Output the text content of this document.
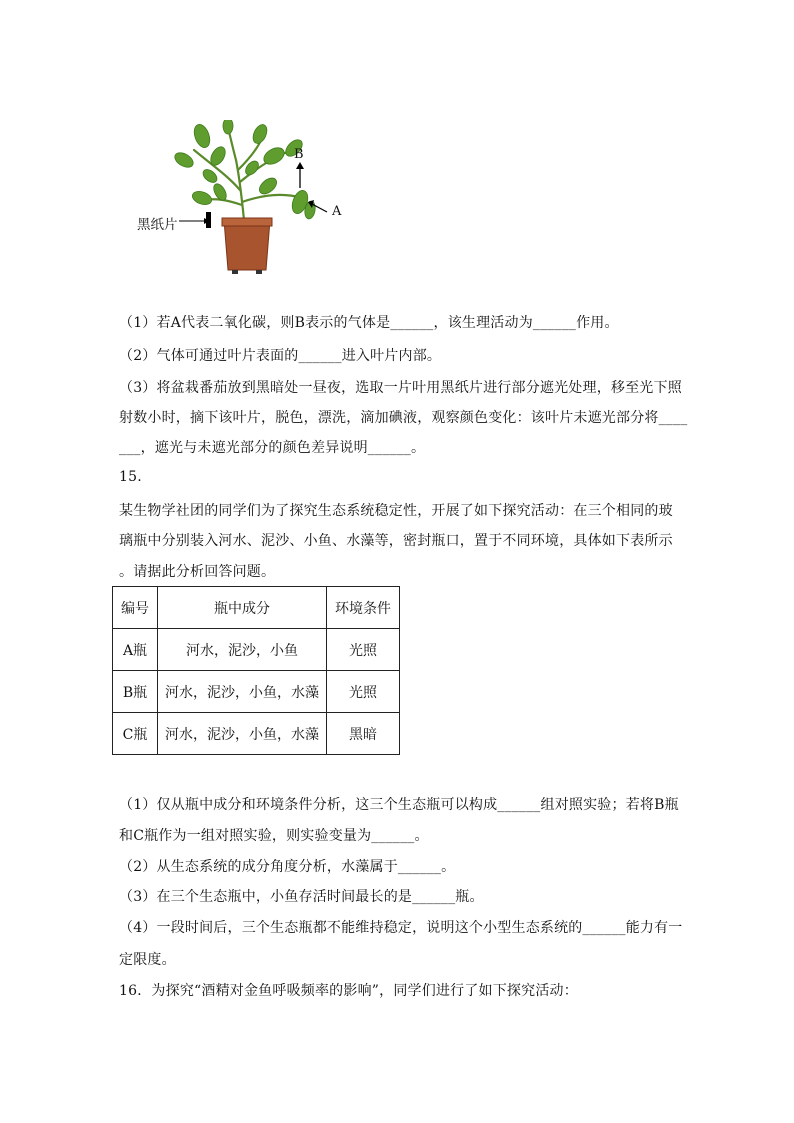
黑纸片
B
A
（1）若A代表二氧化碳，则B表示的气体是______，该生理活动为______作用。
（2）气体可通过叶片表面的______进入叶片内部。
（3）将盆栽番茄放到黑暗处一昼夜，选取一片叶用黑纸片进行部分遮光处理，移至光下照
射数小时，摘下该叶片，脱色，漂洗，滴加碘液，观察颜色变化：该叶片未遮光部分将____
___，遮光与未遮光部分的颜色差异说明______。
15.
某生物学社团的同学们为了探究生态系统稳定性，开展了如下探究活动：在三个相同的玻
璃瓶中分别装入河水、泥沙、小鱼、水藻等，密封瓶口，置于不同环境，具体如下表所示
。请据此分析回答问题。
编号	瓶中成分	环境条件
A瓶	河水，泥沙，小鱼	光照
B瓶	河水，泥沙，小鱼，水藻	光照
C瓶	河水，泥沙，小鱼，水藻	黑暗
（1）仅从瓶中成分和环境条件分析，这三个生态瓶可以构成______组对照实验；若将B瓶
和C瓶作为一组对照实验，则实验变量为______。
（2）从生态系统的成分角度分析，水藻属于______。
（3）在三个生态瓶中，小鱼存活时间最长的是______瓶。
（4）一段时间后，三个生态瓶都不能维持稳定，说明这个小型生态系统的______能力有一
定限度。
16．为探究“酒精对金鱼呼吸频率的影响”，同学们进行了如下探究活动：
